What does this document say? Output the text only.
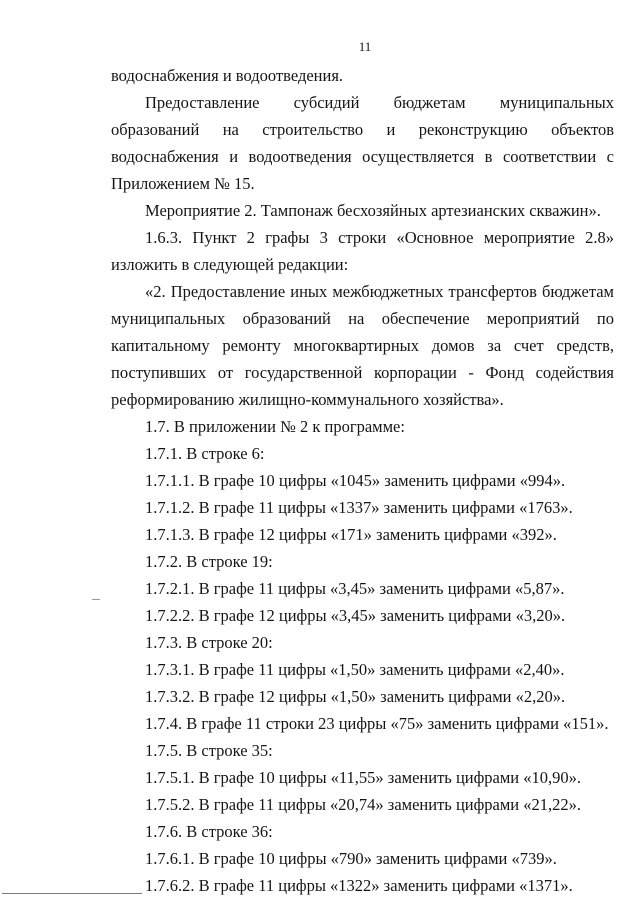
11

водоснабжения и водоотведения.

Предоставление субсидий бюджетам муниципальных образований на строительство и реконструкцию объектов водоснабжения и водоотведения осуществляется в соответствии с Приложением № 15.

Мероприятие 2. Тампонаж бесхозяйных артезианских скважин».

1.6.3. Пункт 2 графы 3 строки «Основное мероприятие 2.8» изложить в следующей редакции:

«2. Предоставление иных межбюджетных трансфертов бюджетам муниципальных образований на обеспечение мероприятий по капитальному ремонту многоквартирных домов за счет средств, поступивших от государственной корпорации - Фонд содействия реформированию жилищно-коммунального хозяйства».

1.7. В приложении № 2 к программе:

1.7.1. В строке 6:

1.7.1.1. В графе 10 цифры «1045» заменить цифрами «994».

1.7.1.2. В графе 11 цифры «1337» заменить цифрами «1763».

1.7.1.3. В графе 12 цифры «171» заменить цифрами «392».

1.7.2. В строке 19:

1.7.2.1. В графе 11 цифры «3,45» заменить цифрами «5,87».

1.7.2.2. В графе 12 цифры «3,45» заменить цифрами «3,20».

1.7.3. В строке 20:

1.7.3.1. В графе 11 цифры «1,50» заменить цифрами «2,40».

1.7.3.2. В графе 12 цифры «1,50» заменить цифрами «2,20».

1.7.4. В графе 11 строки 23 цифры «75» заменить цифрами «151».

1.7.5. В строке 35:

1.7.5.1. В графе 10 цифры «11,55» заменить цифрами «10,90».

1.7.5.2. В графе 11 цифры «20,74» заменить цифрами «21,22».

1.7.6. В строке 36:

1.7.6.1. В графе 10 цифры «790» заменить цифрами «739».

1.7.6.2. В графе 11 цифры «1322» заменить цифрами «1371».
